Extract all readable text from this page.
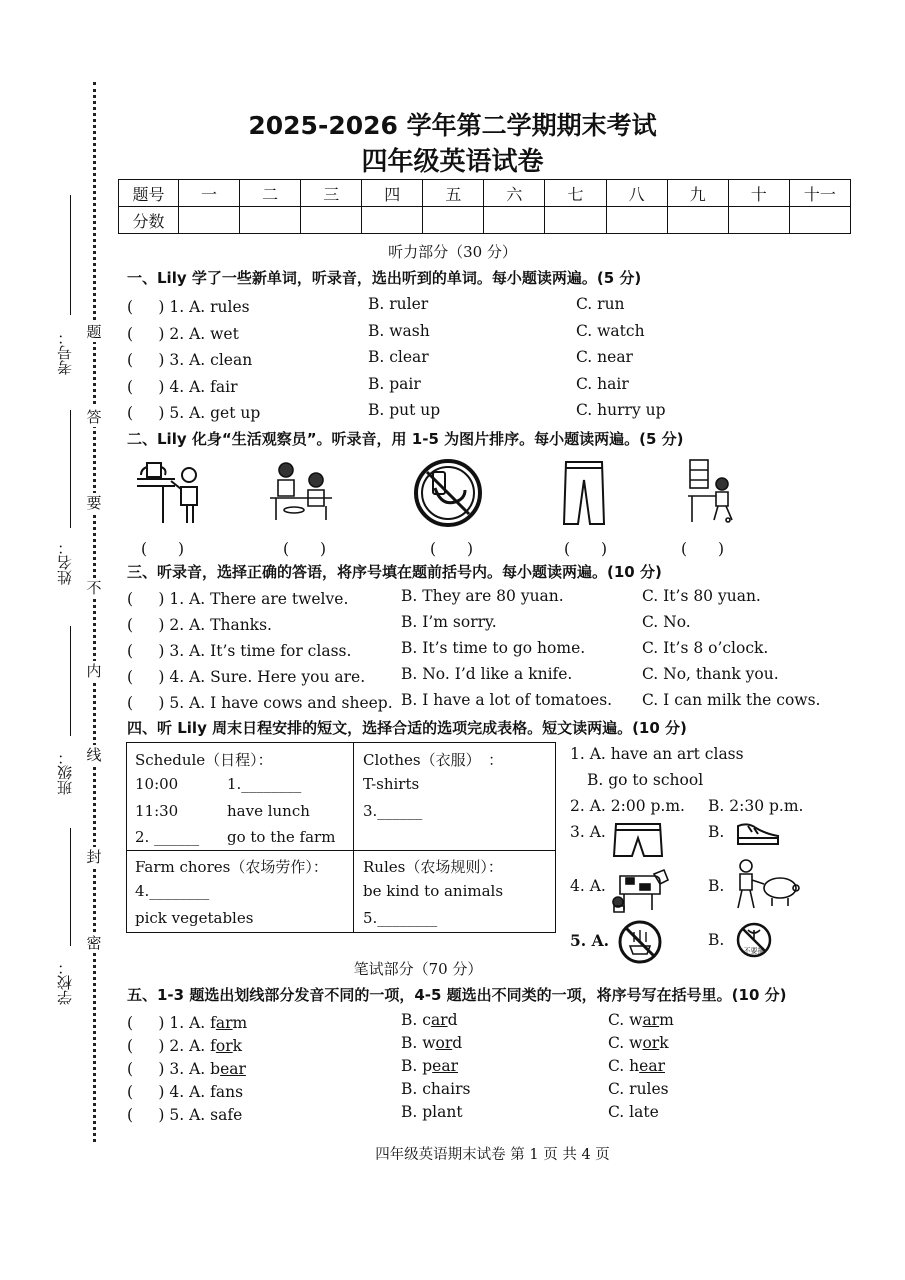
题
答
要
不
内
线
封
密
考号：
姓名：
班级：
学校：
2025-2026 学年第二学期期末考试
四年级英语试卷
题号	一	二	三	四	五	六	七	八	九	十	十一
分数											
听力部分（30 分）
一、Lily 学了一些新单词，听录音，选出听到的单词。每小题读两遍。(5 分)
( 　 ) 1. A. rules	B. ruler	C. run
( 　 ) 2. A. wet	B. wash	C. watch
( 　 ) 3. A. clean	B. clear	C. near
( 　 ) 4. A. fair	B. pair	C. hair
( 　 ) 5. A. get up	B. put up	C. hurry up
二、Lily 化身“生活观察员”。听录音，用 1-5 为图片排序。每小题读两遍。(5 分)
(　　)	(　　)	(　　)	(　　)	(　　)
三、听录音，选择正确的答语，将序号填在题前括号内。每小题读两遍。(10 分)
( 　 ) 1. A. There are twelve.	B. They are 80 yuan.	C. It’s 80 yuan.
( 　 ) 2. A. Thanks.	B. I’m sorry.	C. No.
( 　 ) 3. A. It’s time for class.	B. It’s time to go home.	C. It’s 8 o’clock.
( 　 ) 4. A. Sure. Here you are. B. No. I’d like a knife.	C. No, thank you.
( 　 ) 5. A. I have cows and sheep. B. I have a lot of tomatoes. C. I can milk the cows.
四、听 Lily 周末日程安排的短文，选择合适的选项完成表格。短文读两遍。(10 分)
Schedule（日程）：
10:00	1.________
11:30	have lunch
2. ______ go to the farm
Clothes（衣服）　：
T-shirts
3.______
Farm chores（农场劳作）：
4.________
pick vegetables
Rules（农场规则）：
be kind to animals
5.________
1. A. have an art class
B. go to school
2. A. 2:00 p.m. B. 2:30 p.m.
3. A.	B.
4. A.	B.
5. A.	B.
不要摘
笔试部分（70 分）
五、1-3 题选出划线部分发音不同的一项，4-5 题选出不同类的一项，将序号写在括号里。(10 分)
( 　 ) 1. A. farm	B. card	C. warm
( 　 ) 2. A. fork	B. word	C. work
( 　 ) 3. A. bear	B. pear	C. hear
( 　 ) 4. A. fans	B. chairs	C. rules
( 　 ) 5. A. safe	B. plant	C. late
四年级英语期末试卷 第 1 页 共 4 页
